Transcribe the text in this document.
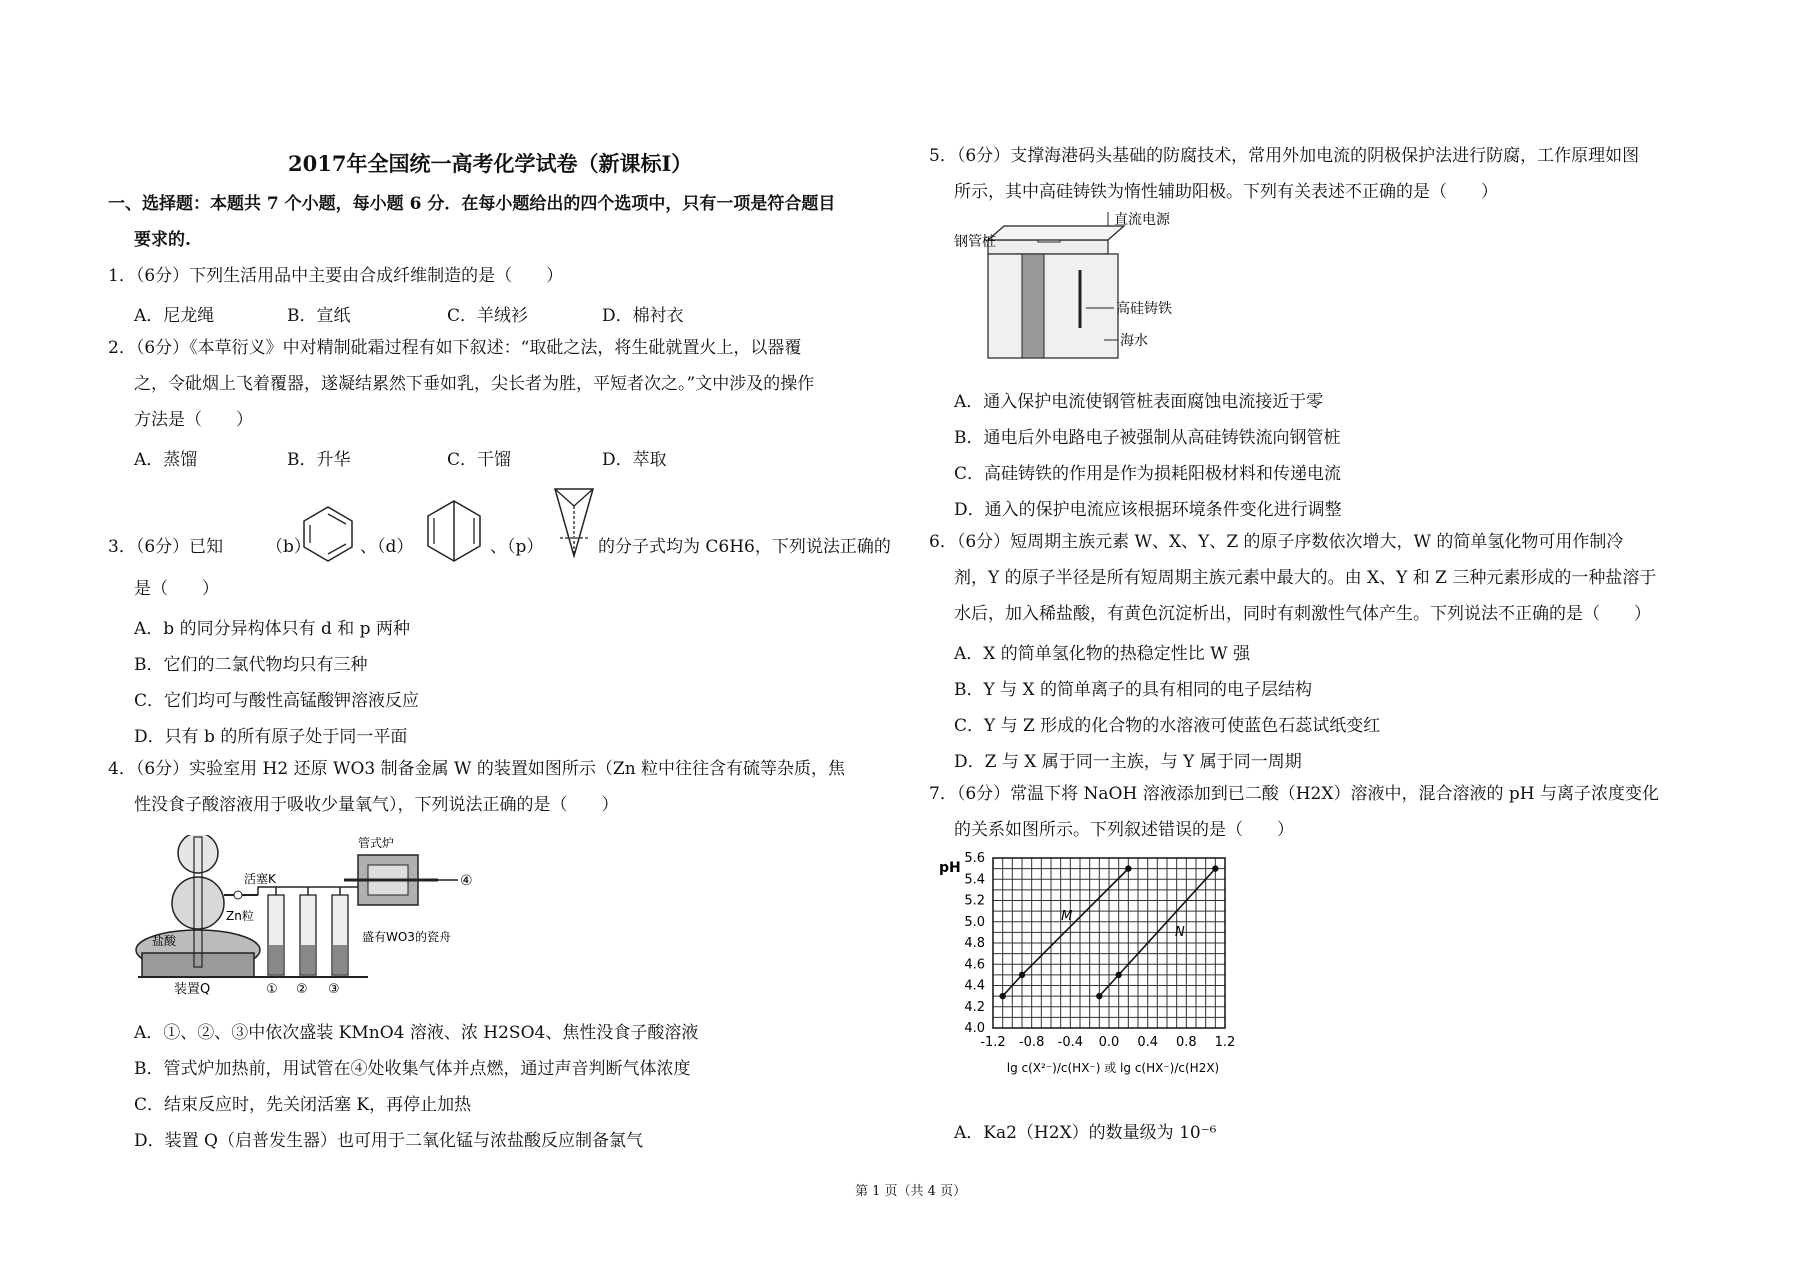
2017年全国统一高考化学试卷（新课标I）
一、选择题：本题共 7 个小题，每小题 6 分．在每小题给出的四个选项中，只有一项是符合题目
要求的.
1．（6分）下列生活用品中主要由合成纤维制造的是（　　）
A．尼龙绳	B．宣纸	C．羊绒衫	D．棉衬衣
2．（6分）《本草衍义》中对精制砒霜过程有如下叙述：“取砒之法，将生砒就置火上，以器覆
之，令砒烟上飞着覆器，遂凝结累然下垂如乳，尖长者为胜，平短者次之。”文中涉及的操作
方法是（　　）
A．蒸馏	B．升华	C．干馏	D．萃取
3．（6分）已知	（b）	、（d）	、（p）	的分子式均为 C6H6，下列说法正确的
是（　　）
A．b 的同分异构体只有 d 和 p 两种
B．它们的二氯代物均只有三种
C．它们均可与酸性高锰酸钾溶液反应
D．只有 b 的所有原子处于同一平面
4．（6分）实验室用 H2 还原 WO3 制备金属 W 的装置如图所示（Zn 粒中往往含有硫等杂质，焦
性没食子酸溶液用于吸收少量氧气），下列说法正确的是（　　）
盐酸
Zn粒
活塞K
装置Q	① ② ③
④
管式炉
盛有WO3的瓷舟
A．①、②、③中依次盛装 KMnO4 溶液、浓 H2SO4、焦性没食子酸溶液
B．管式炉加热前，用试管在④处收集气体并点燃，通过声音判断气体浓度
C．结束反应时，先关闭活塞 K，再停止加热
D．装置 Q（启普发生器）也可用于二氧化锰与浓盐酸反应制备氯气
5．（6分）支撑海港码头基础的防腐技术，常用外加电流的阴极保护法进行防腐，工作原理如图
所示，其中高硅铸铁为惰性辅助阳极。下列有关表述不正确的是（　　）
直流电源
钢管桩
高硅铸铁
海水
A．通入保护电流使钢管桩表面腐蚀电流接近于零
B．通电后外电路电子被强制从高硅铸铁流向钢管桩
C．高硅铸铁的作用是作为损耗阳极材料和传递电流
D．通入的保护电流应该根据环境条件变化进行调整
6．（6分）短周期主族元素 W、X、Y、Z 的原子序数依次增大，W 的简单氢化物可用作制冷
剂，Y 的原子半径是所有短周期主族元素中最大的。由 X、Y 和 Z 三种元素形成的一种盐溶于
水后，加入稀盐酸，有黄色沉淀析出，同时有刺激性气体产生。下列说法不正确的是（　　）
A．X 的简单氢化物的热稳定性比 W 强
B．Y 与 X 的简单离子的具有相同的电子层结构
C．Y 与 Z 形成的化合物的水溶液可使蓝色石蕊试纸变红
D．Z 与 X 属于同一主族，与 Y 属于同一周期
7．（6分）常温下将 NaOH 溶液添加到已二酸（H2X）溶液中，混合溶液的 pH 与离子浓度变化
的关系如图所示。下列叙述错误的是（　　）
4.0
4.2
4.4
4.6
4.8
5.0
5.2
5.4
5.6
-1.2 -0.8 -0.4 0.0 0.4 0.8 1.2
pH
lg c(X²⁻)/c(HX⁻) 或 lg c(HX⁻)/c(H2X)
M
N
A．Ka2（H2X）的数量级为 10⁻⁶
第 1 页（共 4 页）
